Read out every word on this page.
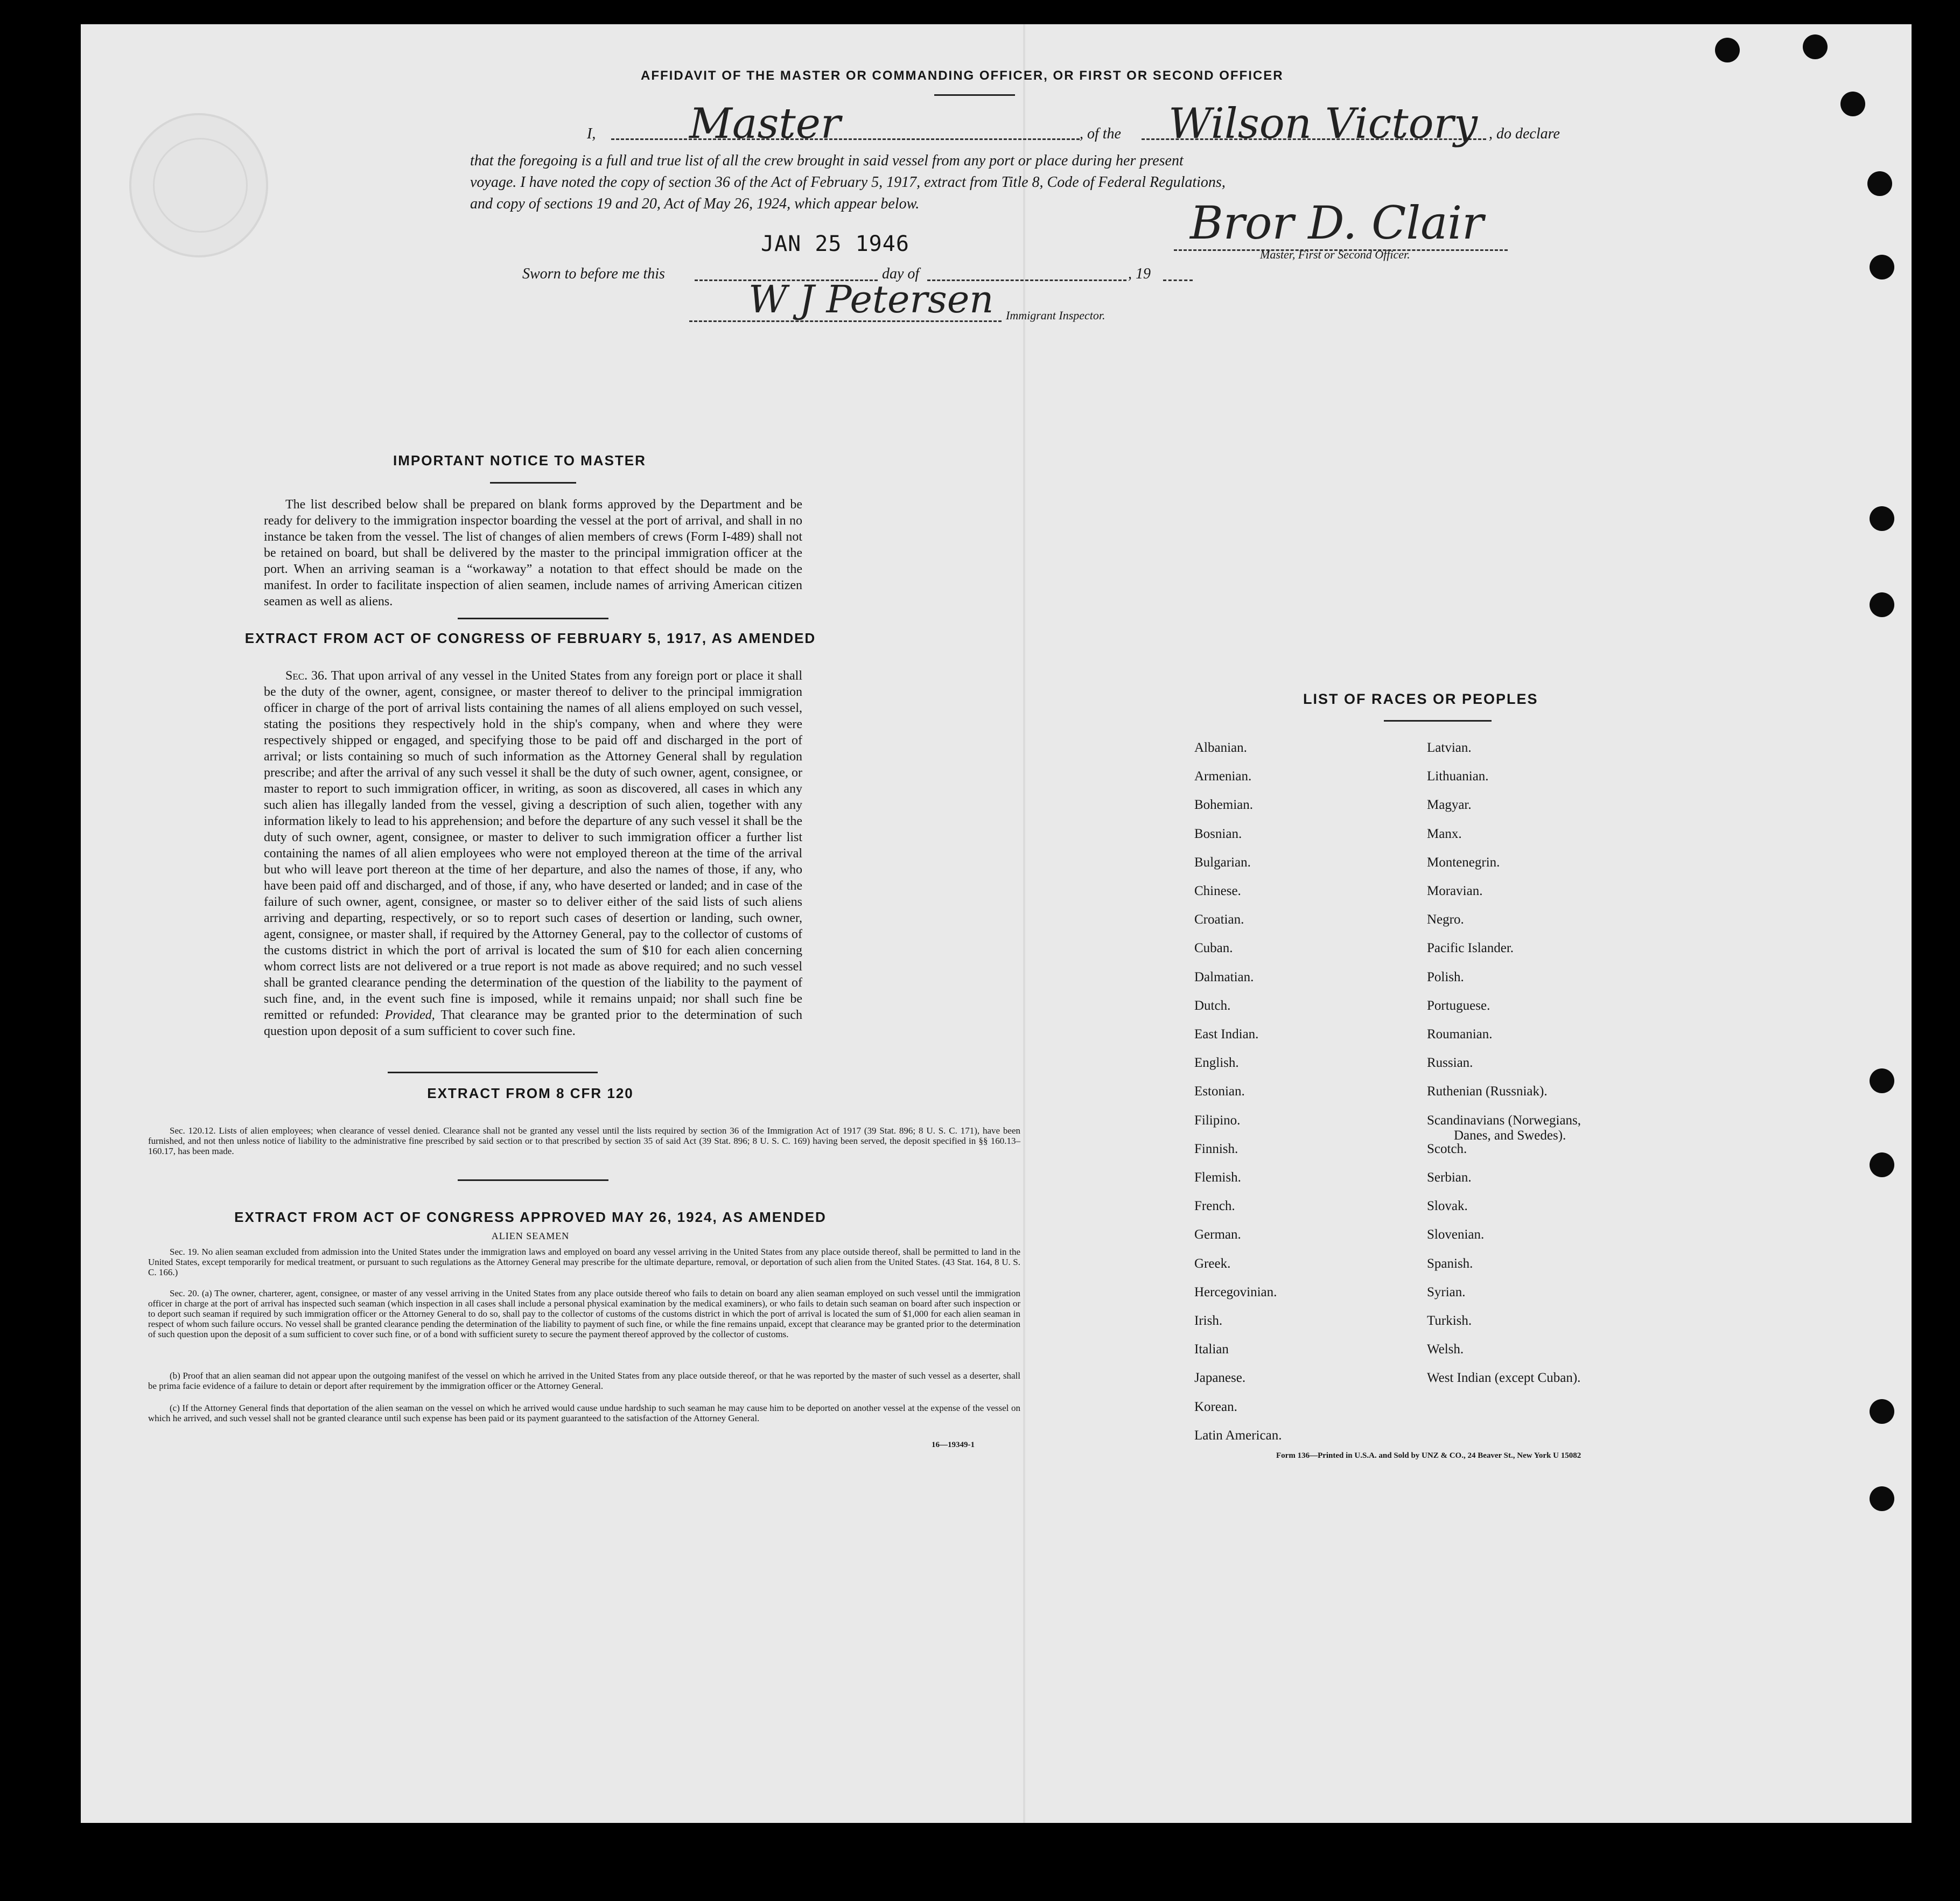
AFFIDAVIT OF THE MASTER OR COMMANDING OFFICER, OR FIRST OR SECOND OFFICER
I, Master	, of the Wilson Victory , do declare
that the foregoing is a full and true list of all the crew brought in said vessel from any port or place during her present
voyage. I have noted the copy of section 36 of the Act of February 5, 1917, extract from Title 8, Code of Federal Regulations,
and copy of sections 19 and 20, Act of May 26, 1924, which appear below.
JAN 25 1946	Bror D. Clair
Master, First or Second Officer.
Sworn to before me this	day of	, 19
W J Petersen Immigrant Inspector.
IMPORTANT NOTICE TO MASTER
The list described below shall be prepared on blank forms approved by the Department and be ready for delivery to the immigration inspector boarding the vessel at the port of arrival, and shall in no instance be taken from the vessel. The list of changes of alien members of crews (Form I-489) shall not be retained on board, but shall be delivered by the master to the principal immigration officer at the port. When an arriving seaman is a “workaway” a notation to that effect should be made on the manifest. In order to facilitate inspection of alien seamen, include names of arriving American citizen seamen as well as aliens.
EXTRACT FROM ACT OF CONGRESS OF FEBRUARY 5, 1917, AS AMENDED
Sec. 36. That upon arrival of any vessel in the United States from any foreign port or place it shall be the duty of the owner, agent, consignee, or master thereof to deliver to the principal immigration officer in charge of the port of arrival lists containing the names of all aliens employed on such vessel, stating the positions they respectively hold in the ship's company, when and where they were respectively shipped or engaged, and specifying those to be paid off and discharged in the port of arrival; or lists containing so much of such information as the Attorney General shall by regulation prescribe; and after the arrival of any such vessel it shall be the duty of such owner, agent, consignee, or master to report to such immigration officer, in writing, as soon as discovered, all cases in which any such alien has illegally landed from the vessel, giving a description of such alien, together with any information likely to lead to his apprehension; and before the departure of any such vessel it shall be the duty of such owner, agent, consignee, or master to deliver to such immigration officer a further list containing the names of all alien employees who were not employed thereon at the time of the arrival but who will leave port thereon at the time of her departure, and also the names of those, if any, who have been paid off and discharged, and of those, if any, who have deserted or landed; and in case of the failure of such owner, agent, consignee, or master so to deliver either of the said lists of such aliens arriving and departing, respectively, or so to report such cases of desertion or landing, such owner, agent, consignee, or master shall, if required by the Attorney General, pay to the collector of customs of the customs district in which the port of arrival is located the sum of $10 for each alien concerning whom correct lists are not delivered or a true report is not made as above required; and no such vessel shall be granted clearance pending the determination of the question of the liability to the payment of such fine, and, in the event such fine is imposed, while it remains unpaid; nor shall such fine be remitted or refunded: Provided, That clearance may be granted prior to the determination of such question upon deposit of a sum sufficient to cover such fine.
EXTRACT FROM 8 CFR 120
Sec. 120.12. Lists of alien employees; when clearance of vessel denied. Clearance shall not be granted any vessel until the lists required by section 36 of the Immigration Act of 1917 (39 Stat. 896; 8 U. S. C. 171), have been furnished, and not then unless notice of liability to the administrative fine prescribed by said section or to that prescribed by section 35 of said Act (39 Stat. 896; 8 U. S. C. 169) having been served, the deposit specified in §§ 160.13–160.17, has been made.
EXTRACT FROM ACT OF CONGRESS APPROVED MAY 26, 1924, AS AMENDED
ALIEN SEAMEN
Sec. 19. No alien seaman excluded from admission into the United States under the immigration laws and employed on board any vessel arriving in the United States from any place outside thereof, shall be permitted to land in the United States, except temporarily for medical treatment, or pursuant to such regulations as the Attorney General may prescribe for the ultimate departure, removal, or deportation of such alien from the United States. (43 Stat. 164, 8 U. S. C. 166.)
Sec. 20. (a) The owner, charterer, agent, consignee, or master of any vessel arriving in the United States from any place outside thereof who fails to detain on board any alien seaman employed on such vessel until the immigration officer in charge at the port of arrival has inspected such seaman (which inspection in all cases shall include a personal physical examination by the medical examiners), or who fails to detain such seaman on board after such inspection or to deport such seaman if required by such immigration officer or the Attorney General to do so, shall pay to the collector of customs of the customs district in which the port of arrival is located the sum of $1,000 for each alien seaman in respect of whom such failure occurs. No vessel shall be granted clearance pending the determination of the liability to payment of such fine, or while the fine remains unpaid, except that clearance may be granted prior to the determination of such question upon the deposit of a sum sufficient to cover such fine, or of a bond with sufficient surety to secure the payment thereof approved by the collector of customs.
(b) Proof that an alien seaman did not appear upon the outgoing manifest of the vessel on which he arrived in the United States from any place outside thereof, or that he was reported by the master of such vessel as a deserter, shall be prima facie evidence of a failure to detain or deport after requirement by the immigration officer or the Attorney General.
(c) If the Attorney General finds that deportation of the alien seaman on the vessel on which he arrived would cause undue hardship to such seaman he may cause him to be deported on another vessel at the expense of the vessel on which he arrived, and such vessel shall not be granted clearance until such expense has been paid or its payment guaranteed to the satisfaction of the Attorney General.
16—19349-1
LIST OF RACES OR PEOPLES
Form 136—Printed in U.S.A. and Sold by UNZ & CO., 24 Beaver St., New York U 15082
Albanian.
Armenian.
Bohemian.
Bosnian.
Bulgarian.
Chinese.
Croatian.
Cuban.
Dalmatian.
Dutch.
East Indian.
English.
Estonian.
Filipino.
Finnish.
Flemish.
French.
German.
Greek.
Hercegovinian.
Irish.
Italian
Japanese.
Korean.
Latin American.
Latvian.
Lithuanian.
Magyar.
Manx.
Montenegrin.
Moravian.
Negro.
Pacific Islander.
Polish.
Portuguese.
Roumanian.
Russian.
Ruthenian (Russniak).
Scandinavians (Norwegians,
Danes, and Swedes).
Scotch.
Serbian.
Slovak.
Slovenian.
Spanish.
Syrian.
Turkish.
Welsh.
West Indian (except Cuban).
